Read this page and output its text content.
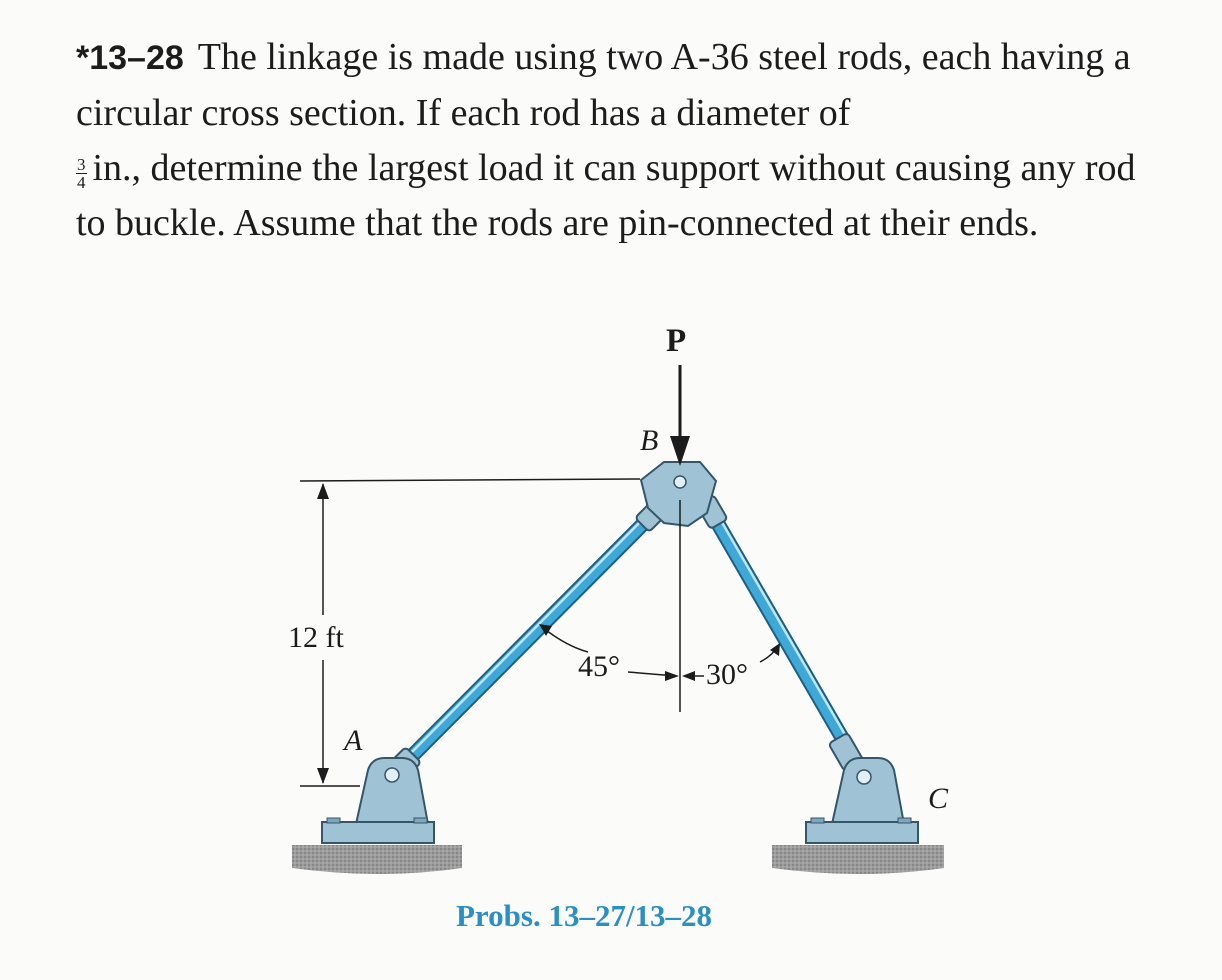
*13–28 The linkage is made using two A-36 steel rods, each having a circular cross section. If each rod has a diameter of

$\frac{3}{4}$ in., determine the largest load it can support without causing any rod to buckle. Assume that the rods are pin-connected at their ends.

P
B
A
C
12 ft
45°	30°
Probs. 13–27/13–28
